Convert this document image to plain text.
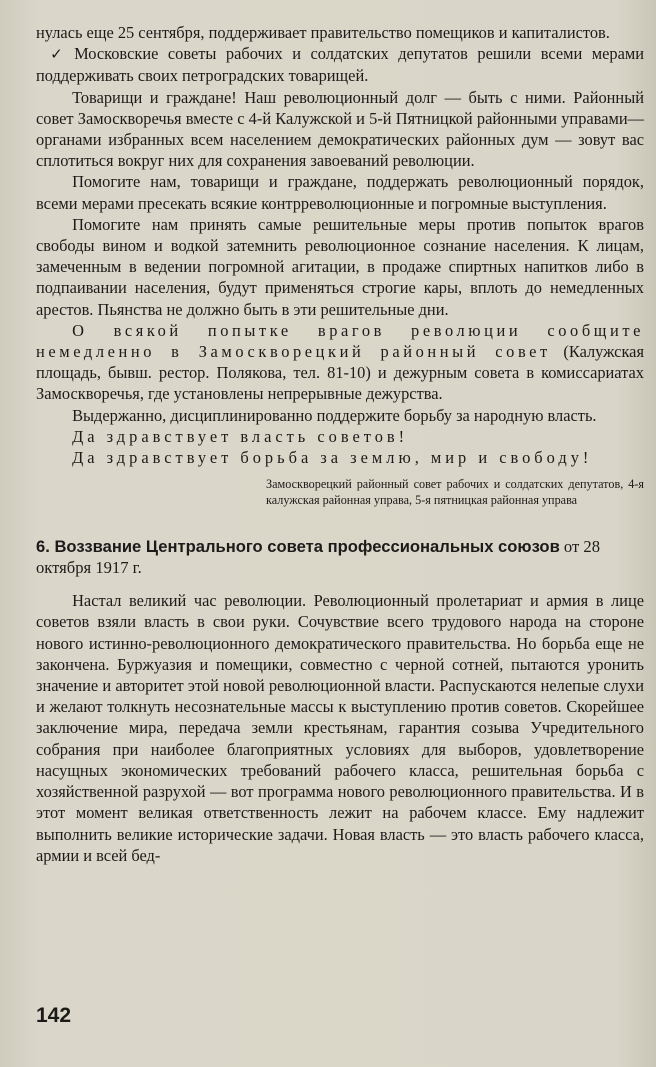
нулась еще 25 сентября, поддерживает правительство помещиков и капиталистов.

✓ Московские советы рабочих и солдатских депутатов решили всеми мерами поддерживать своих петроградских товарищей.

Товарищи и граждане! Наш революционный долг — быть с ними. Районный совет Замоскворечья вместе с 4-й Калужской и 5-й Пятницкой районными управами—органами избранных всем населением демократических районных дум — зовут вас сплотиться вокруг них для сохранения завоеваний революции.

Помогите нам, товарищи и граждане, поддержать революционный порядок, всеми мерами пресекать всякие контрреволюционные и погромные выступления.

Помогите нам принять самые решительные меры против попыток врагов свободы вином и водкой затемнить революционное сознание населения. К лицам, замеченным в ведении погромной агитации, в продаже спиртных напитков либо в подпаивании населения, будут применяться строгие кары, вплоть до немедленных арестов. Пьянства не должно быть в эти решительные дни.

О всякой попытке врагов революции сообщите немедленно в Замоскворецкий районный совет (Калужская площадь, бывш. рестор. Полякова, тел. 81-10) и дежурным совета в комиссариатах Замоскворечья, где установлены непрерывные дежурства.

Выдержанно, дисциплинированно поддержите борьбу за народную власть.

Да здравствует власть советов!

Да здравствует борьба за землю, мир и свободу!

Замоскворецкий районный совет рабочих и солдатских депутатов, 4-я калужская районная управа, 5-я пятницкая районная управа
6. Воззвание Центрального совета профессиональных союзов от 28 октября 1917 г.

Настал великий час революции. Революционный пролетариат и армия в лице советов взяли власть в свои руки. Сочувствие всего трудового народа на стороне нового истинно-революционного демократического правительства. Но борьба еще не закончена. Буржуазия и помещики, совместно с черной сотней, пытаются уронить значение и авторитет этой новой революционной власти. Распускаются нелепые слухи и желают толкнуть несознательные массы к выступлению против советов. Скорейшее заключение мира, передача земли крестьянам, гарантия созыва Учредительного собрания при наиболее благоприятных условиях для выборов, удовлетворение насущных экономических требований рабочего класса, решительная борьба с хозяйственной разрухой — вот программа нового революционного правительства. И в этот момент великая ответственность лежит на рабочем классе. Ему надлежит выполнить великие исторические задачи. Новая власть — это власть рабочего класса, армии и всей бед-

142
